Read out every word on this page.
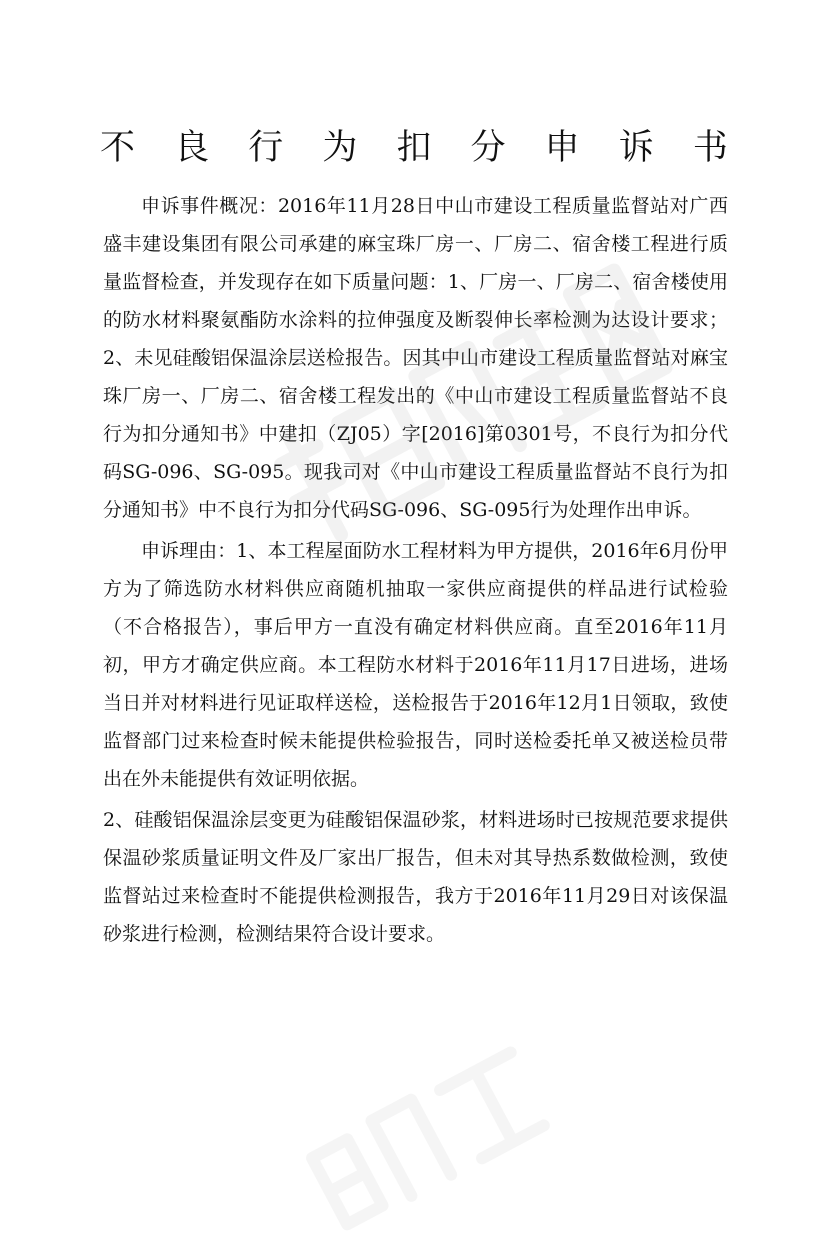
不 良 行 为 扣 分 申 诉 书

申诉事件概况：2016年11月28日中山市建设工程质量监督站对广西盛丰建设集团有限公司承建的麻宝珠厂房一、厂房二、宿舍楼工程进行质量监督检查，并发现存在如下质量问题：1、厂房一、厂房二、宿舍楼使用的防水材料聚氨酯防水涂料的拉伸强度及断裂伸长率检测为达设计要求；2、未见硅酸铝保温涂层送检报告。因其中山市建设工程质量监督站对麻宝珠厂房一、厂房二、宿舍楼工程发出的《中山市建设工程质量监督站不良行为扣分通知书》中建扣（ZJ05）字[2016]第0301号，不良行为扣分代码SG-096、SG-095。现我司对《中山市建设工程质量监督站不良行为扣分通知书》中不良行为扣分代码SG-096、SG-095行为处理作出申诉。

申诉理由：1、本工程屋面防水工程材料为甲方提供，2016年6月份甲方为了筛选防水材料供应商随机抽取一家供应商提供的样品进行试检验（不合格报告），事后甲方一直没有确定材料供应商。直至2016年11月初，甲方才确定供应商。本工程防水材料于2016年11月17日进场，进场当日并对材料进行见证取样送检，送检报告于2016年12月1日领取，致使监督部门过来检查时候未能提供检验报告，同时送检委托单又被送检员带出在外未能提供有效证明依据。

2、硅酸铝保温涂层变更为硅酸铝保温砂浆，材料进场时已按规范要求提供保温砂浆质量证明文件及厂家出厂报告，但未对其导热系数做检测，致使监督站过来检查时不能提供检测报告，我方于2016年11月29日对该保温砂浆进行检测，检测结果符合设计要求。
